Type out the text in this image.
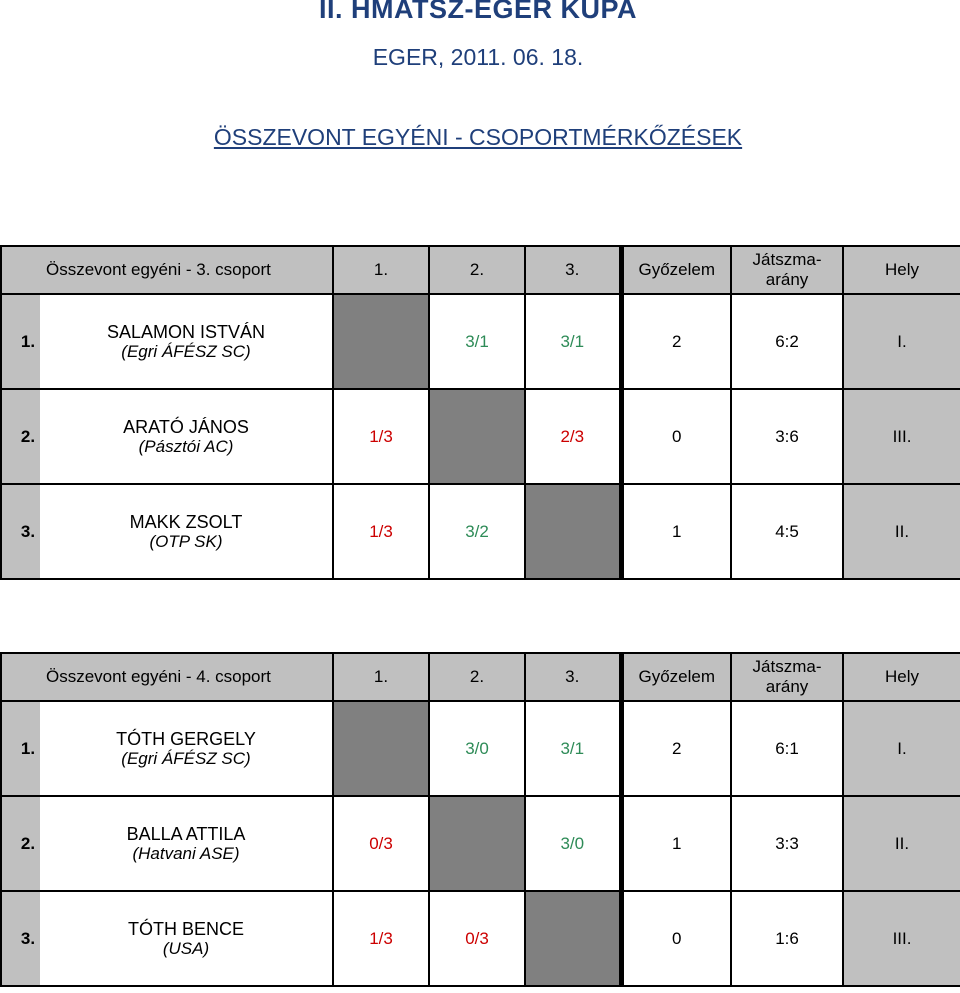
II. HMATSZ-EGER KUPA
EGER, 2011. 06. 18.
ÖSSZEVONT EGYÉNI - CSOPORTMÉRKŐZÉSEK
Összevont egyéni - 3. csoport		1.	2.	3.	Győzelem	Játszma-
arány	Hely
1.	SALAMON ISTVÁN
(Egri ÁFÉSZ SC)		3/1	3/1	2	6:2	I.
2.	ARATÓ JÁNOS
(Pásztói AC)	1/3		2/3	0	3:6	III.
3.	MAKK ZSOLT
(OTP SK)	1/3	3/2		1	4:5	II.
Összevont egyéni - 4. csoport		1.	2.	3.	Győzelem	Játszma-
arány	Hely
1.	TÓTH GERGELY
(Egri ÁFÉSZ SC)		3/0	3/1	2	6:1	I.
2.	BALLA ATTILA
(Hatvani ASE)	0/3		3/0	1	3:3	II.
3.	TÓTH BENCE
(USA)	1/3	0/3		0	1:6	III.
